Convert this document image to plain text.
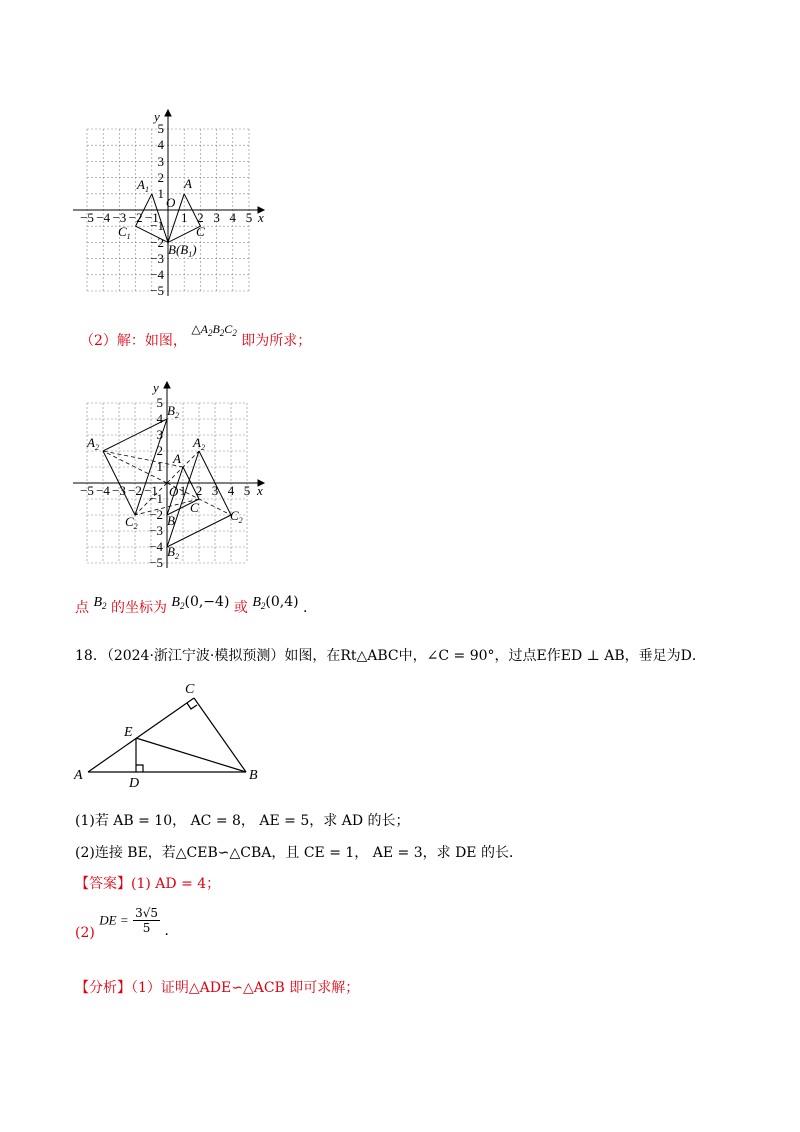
−5 −4 −3 −2 −1 1 2 3 4 5
5
4
3
2
1
−1
−2
−3
−4
−5
x
y
O
A
$A_1$
C
$C_1$
$B(B_1)$
（2）解：如图， $\triangle A_2B_2C_2$ 即为所求；
−5 −4 −3 −2 −1 1 2 3 4 5
5
4
3
2
1
−1
−2
−3
−4
−5
x
y
O
A
$A_2$
$A_2$
$B_2$
B
$B_2$
C
$C_2$
$C_2$
点 $B_2$ 的坐标为 $B_2(0,-4)$ 或 $B_2(0,4)$ .
18．（2024·浙江宁波·模拟预测）如图，在Rt△ABC中，∠C = 90°，过点E作ED ⊥ AB，垂足为D．
C
E
A
D
B
(1)若 AB = 10， AC = 8， AE = 5，求 AD 的长；
(2)连接 BE，若△CEB∽△CBA，且 CE = 1， AE = 3，求 DE 的长．
【答案】(1) AD = 4；
(2) DE = $\frac{3√5}{5}$ ．
【分析】（1）证明△ADE∽△ACB 即可求解；
